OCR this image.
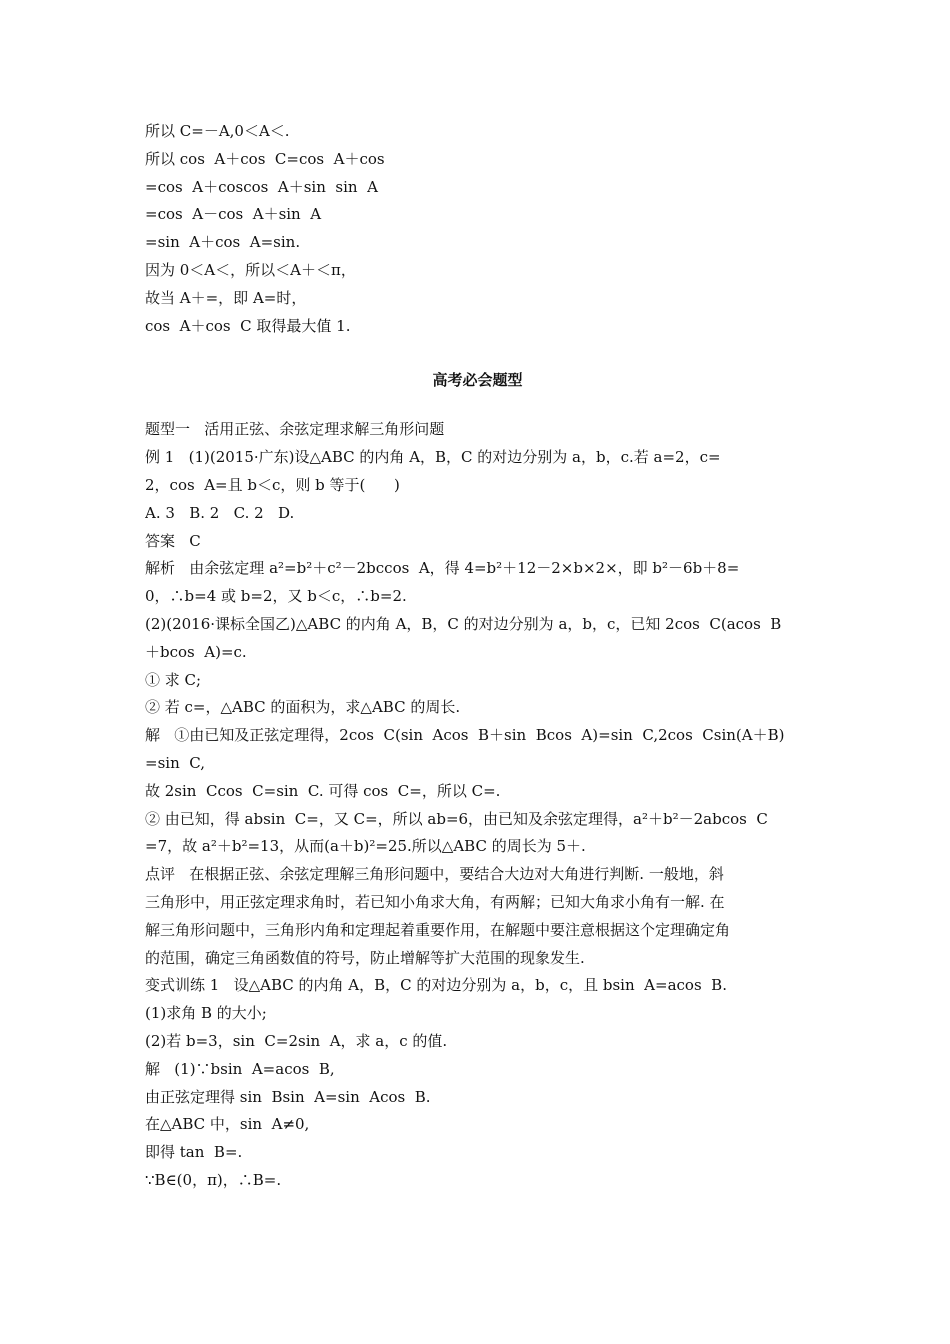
所以 C=－A,0＜A＜.
所以 cos  A＋cos  C=cos  A＋cos
=cos  A＋coscos  A＋sin  sin  A
=cos  A－cos  A＋sin  A
=sin  A＋cos  A=sin.
因为 0＜A＜，所以＜A＋＜π，
故当 A＋=，即 A=时，
cos  A＋cos  C 取得最大值 1.
高考必会题型
题型一   活用正弦、余弦定理求解三角形问题
例 1   (1)(2015·广东)设△ABC 的内角 A，B，C 的对边分别为 a，b，c.若 a=2，c=
2，cos  A=且 b＜c，则 b 等于(      )
A. 3   B. 2   C. 2   D.
答案   C
解析   由余弦定理 a²=b²＋c²－2bccos  A，得 4=b²＋12－2×b×2×，即 b²－6b＋8=
0，∴b=4 或 b=2，又 b＜c，∴b=2.
(2)(2016·课标全国乙)△ABC 的内角 A，B，C 的对边分别为 a，b，c，已知 2cos  C(acos  B
＋bcos  A)=c.
① 求 C;
② 若 c=，△ABC 的面积为，求△ABC 的周长.
解   ①由已知及正弦定理得，2cos  C(sin  Acos  B＋sin  Bcos  A)=sin  C,2cos  Csin(A＋B)
=sin  C,
故 2sin  Ccos  C=sin  C. 可得 cos  C=，所以 C=.
② 由已知，得 absin  C=，又 C=，所以 ab=6，由已知及余弦定理得，a²＋b²－2abcos  C
=7，故 a²＋b²=13，从而(a＋b)²=25.所以△ABC 的周长为 5＋.
点评   在根据正弦、余弦定理解三角形问题中，要结合大边对大角进行判断. 一般地，斜
三角形中，用正弦定理求角时，若已知小角求大角，有两解；已知大角求小角有一解. 在
解三角形问题中，三角形内角和定理起着重要作用，在解题中要注意根据这个定理确定角
的范围，确定三角函数值的符号，防止增解等扩大范围的现象发生.
变式训练 1   设△ABC 的内角 A，B，C 的对边分别为 a，b，c，且 bsin  A=acos  B.
(1)求角 B 的大小;
(2)若 b=3，sin  C=2sin  A，求 a，c 的值.
解   (1)∵bsin  A=acos  B,
由正弦定理得 sin  Bsin  A=sin  Acos  B.
在△ABC 中，sin  A≠0,
即得 tan  B=.
∵B∈(0，π)，∴B=.
